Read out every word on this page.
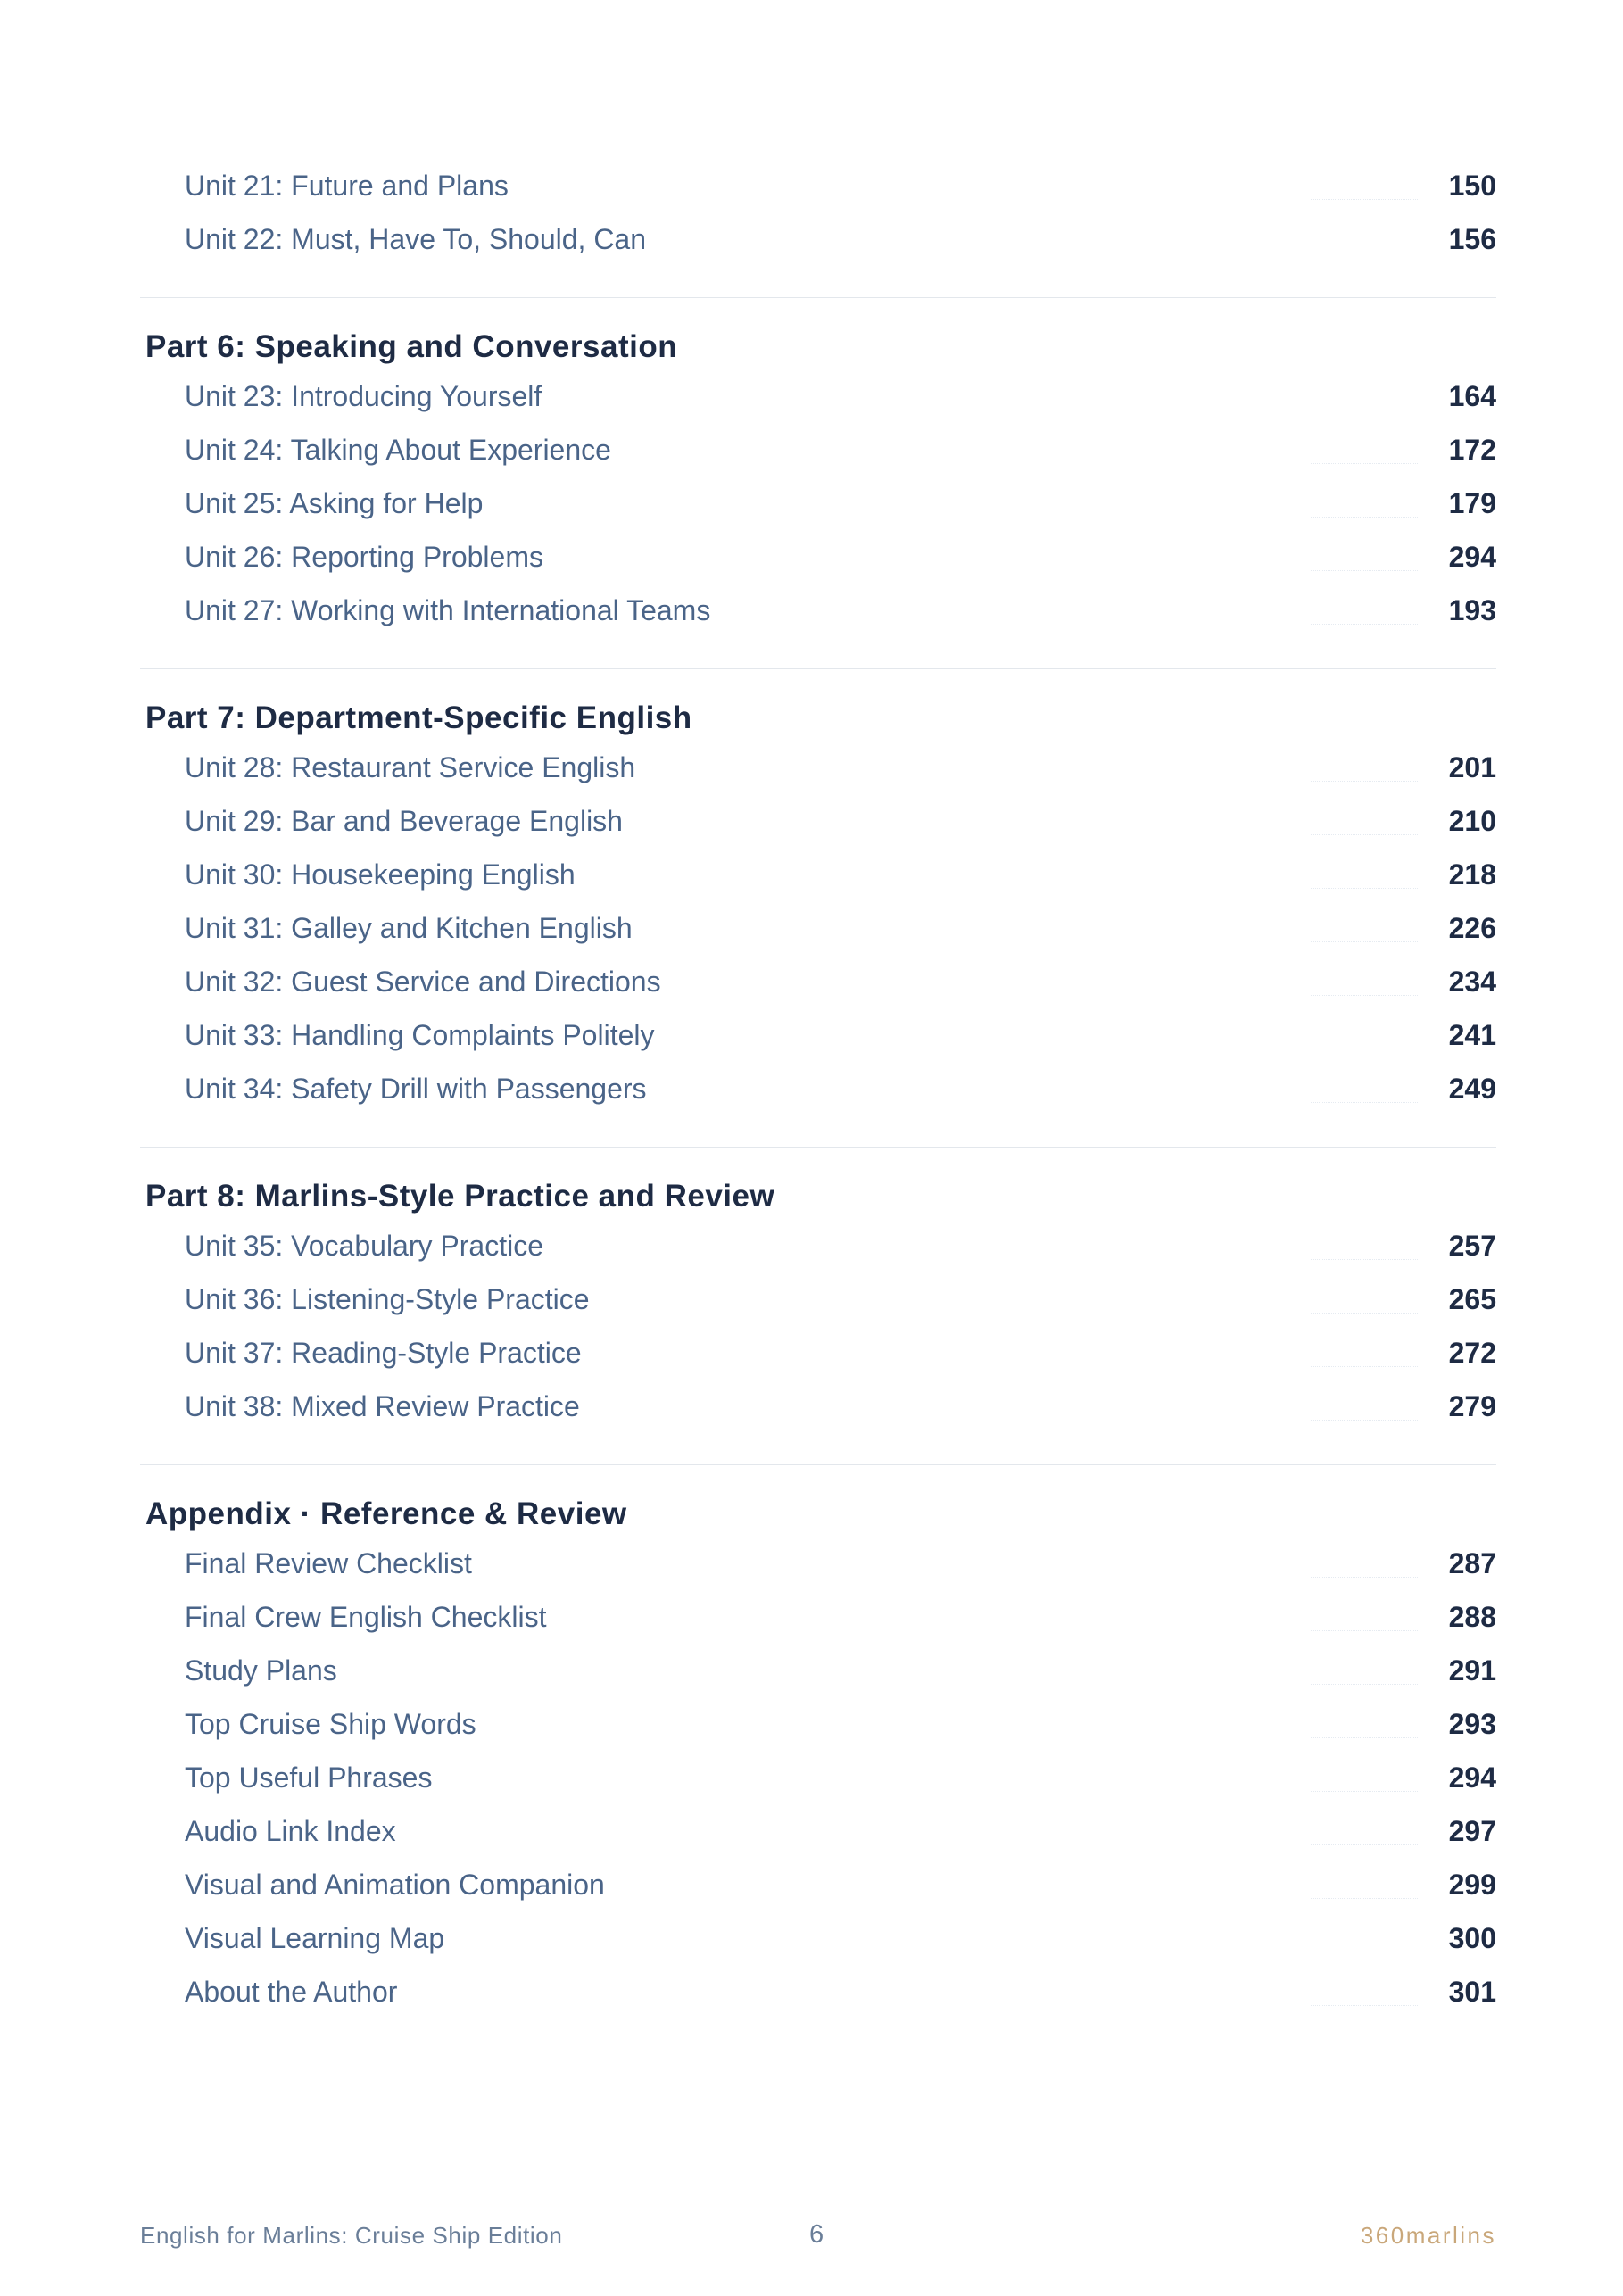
Unit 21: Future and Plans	150
Unit 22: Must, Have To, Should, Can	156
Part 6: Speaking and Conversation
Unit 23: Introducing Yourself	164
Unit 24: Talking About Experience	172
Unit 25: Asking for Help	179
Unit 26: Reporting Problems	294
Unit 27: Working with International Teams	193
Part 7: Department-Specific English
Unit 28: Restaurant Service English	201
Unit 29: Bar and Beverage English	210
Unit 30: Housekeeping English	218
Unit 31: Galley and Kitchen English	226
Unit 32: Guest Service and Directions	234
Unit 33: Handling Complaints Politely	241
Unit 34: Safety Drill with Passengers	249
Part 8: Marlins-Style Practice and Review
Unit 35: Vocabulary Practice	257
Unit 36: Listening-Style Practice	265
Unit 37: Reading-Style Practice	272
Unit 38: Mixed Review Practice	279
Appendix · Reference & Review
Final Review Checklist	287
Final Crew English Checklist	288
Study Plans	291
Top Cruise Ship Words	293
Top Useful Phrases	294
Audio Link Index	297
Visual and Animation Companion	299
Visual Learning Map	300
About the Author	301
English for Marlins: Cruise Ship Edition	6	360marlins
